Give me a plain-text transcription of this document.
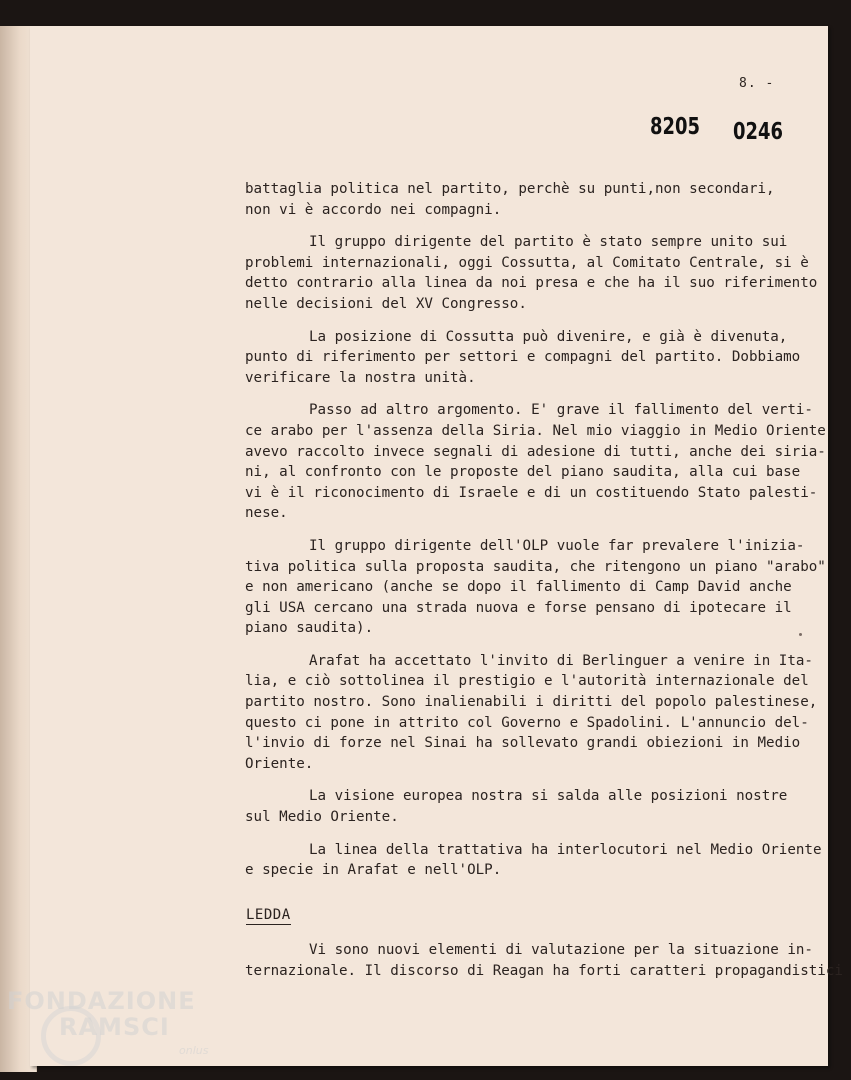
8. -
8205 0246

battaglia politica nel partito, perchè su punti,non secondari,
non vi è accordo nei compagni.

Il gruppo dirigente del partito è stato sempre unito sui
problemi internazionali, oggi Cossutta, al Comitato Centrale, si è
detto contrario alla linea da noi presa e che ha il suo riferimento
nelle decisioni del XV Congresso.

La posizione di Cossutta può divenire, e già è divenuta,
punto di riferimento per settori e compagni del partito. Dobbiamo
verificare la nostra unità.

Passo ad altro argomento. E' grave il fallimento del verti-
ce arabo per l'assenza della Siria. Nel mio viaggio in Medio Oriente
avevo raccolto invece segnali di adesione di tutti, anche dei siria-
ni, al confronto con le proposte del piano saudita, alla cui base
vi è il riconocimento di Israele e di un costituendo Stato palesti-
nese.

Il gruppo dirigente dell'OLP vuole far prevalere l'inizia-
tiva politica sulla proposta saudita, che ritengono un piano "arabo"
e non americano (anche se dopo il fallimento di Camp David anche
gli USA cercano una strada nuova e forse pensano di ipotecare il
piano saudita).

Arafat ha accettato l'invito di Berlinguer a venire in Ita-
lia, e ciò sottolinea il prestigio e l'autorità internazionale del
partito nostro. Sono inalienabili i diritti del popolo palestinese,
questo ci pone in attrito col Governo e Spadolini. L'annuncio del-
l'invio di forze nel Sinai ha sollevato grandi obiezioni in Medio
Oriente.

La visione europea nostra si salda alle posizioni nostre
sul Medio Oriente.

La linea della trattativa ha interlocutori nel Medio Oriente
e specie in Arafat e nell'OLP.

LEDDA
Vi sono nuovi elementi di valutazione per la situazione in-
ternazionale. Il discorso di Reagan ha forti caratteri propagandistici
FONDAZIONE
RAMSCI
onlus
